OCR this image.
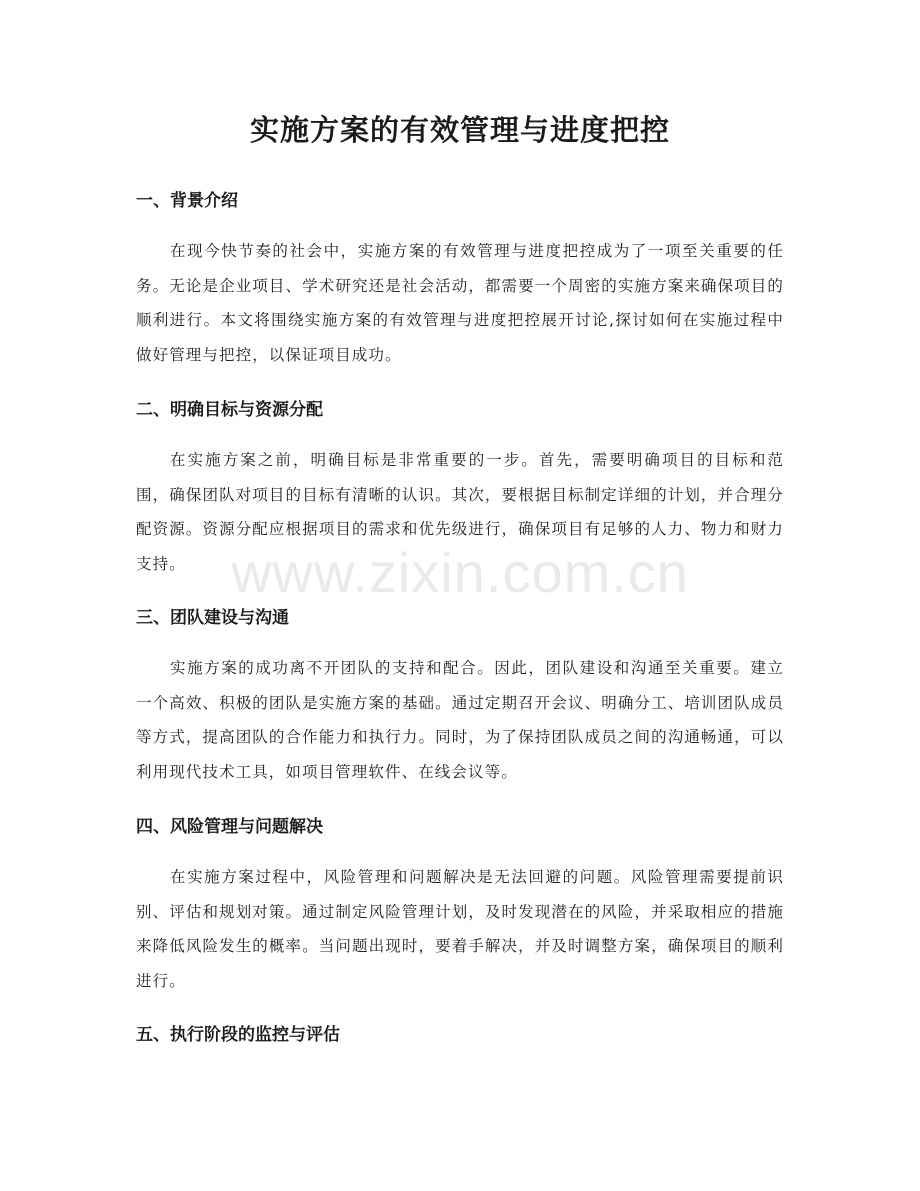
实施方案的有效管理与进度把控
一、背景介绍

在现今快节奏的社会中，实施方案的有效管理与进度把控成为了一项至关重要的任务。无论是企业项目、学术研究还是社会活动，都需要一个周密的实施方案来确保项目的顺利进行。本文将围绕实施方案的有效管理与进度把控展开讨论,探讨如何在实施过程中做好管理与把控，以保证项目成功。

二、明确目标与资源分配

在实施方案之前，明确目标是非常重要的一步。首先，需要明确项目的目标和范围，确保团队对项目的目标有清晰的认识。其次，要根据目标制定详细的计划，并合理分配资源。资源分配应根据项目的需求和优先级进行，确保项目有足够的人力、物力和财力支持。

三、团队建设与沟通

实施方案的成功离不开团队的支持和配合。因此，团队建设和沟通至关重要。建立一个高效、积极的团队是实施方案的基础。通过定期召开会议、明确分工、培训团队成员等方式，提高团队的合作能力和执行力。同时，为了保持团队成员之间的沟通畅通，可以利用现代技术工具，如项目管理软件、在线会议等。

四、风险管理与问题解决

在实施方案过程中，风险管理和问题解决是无法回避的问题。风险管理需要提前识别、评估和规划对策。通过制定风险管理计划，及时发现潜在的风险，并采取相应的措施来降低风险发生的概率。当问题出现时，要着手解决，并及时调整方案，确保项目的顺利进行。

五、执行阶段的监控与评估
www.zixin.com.cn
